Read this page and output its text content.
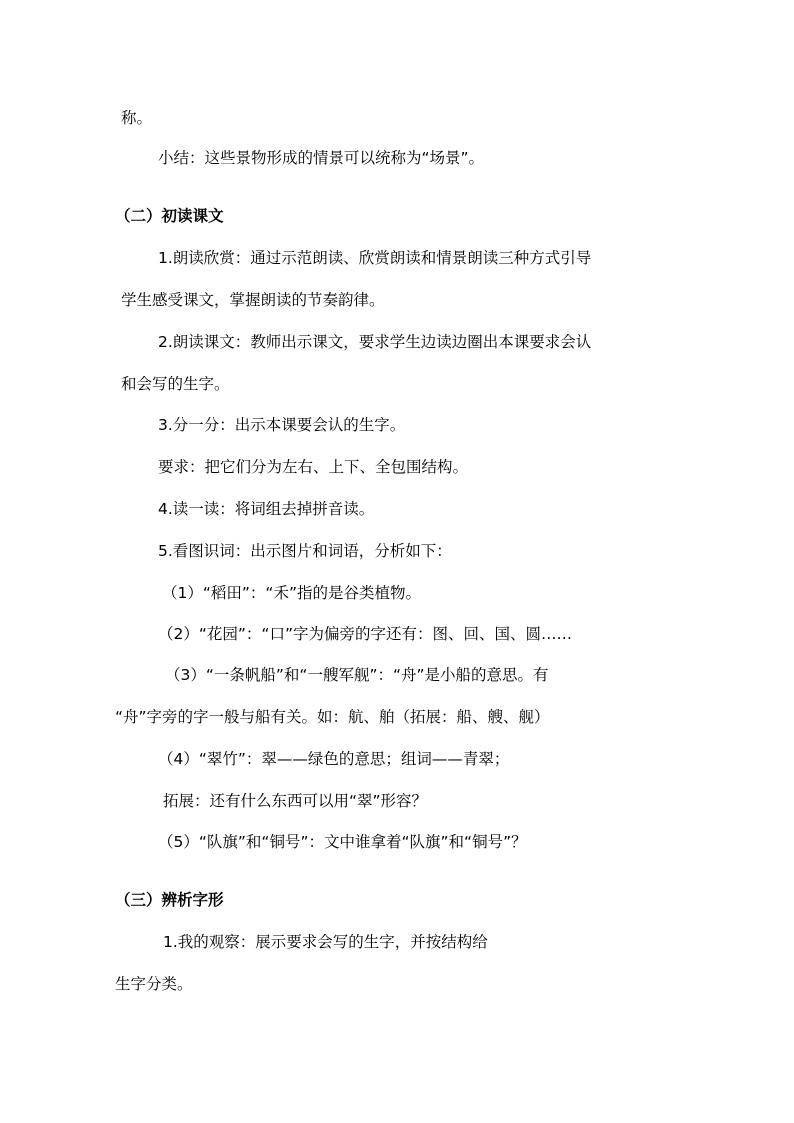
称。
小结：这些景物形成的情景可以统称为“场景”。
（二）初读课文
1.朗读欣赏：通过示范朗读、欣赏朗读和情景朗读三种方式引导
学生感受课文，掌握朗读的节奏韵律。
2.朗读课文：教师出示课文，要求学生边读边圈出本课要求会认
和会写的生字。
3.分一分：出示本课要会认的生字。
要求：把它们分为左右、上下、全包围结构。
4.读一读：将词组去掉拼音读。
5.看图识词：出示图片和词语，分析如下：
（1）“稻田”：“禾”指的是谷类植物。
（2）“花园”：“口”字为偏旁的字还有：图、回、国、圆……
（3）“一条帆船”和“一艘军舰”：“舟”是小船的意思。有
“舟”字旁的字一般与船有关。如：航、舶（拓展：船、艘、舰）
（4）“翠竹”：翠——绿色的意思；组词——青翠；
拓展：还有什么东西可以用“翠”形容？
（5）“队旗”和“铜号”：文中谁拿着“队旗”和“铜号”？
（三）辨析字形
1.我的观察：展示要求会写的生字，并按结构给
生字分类。
